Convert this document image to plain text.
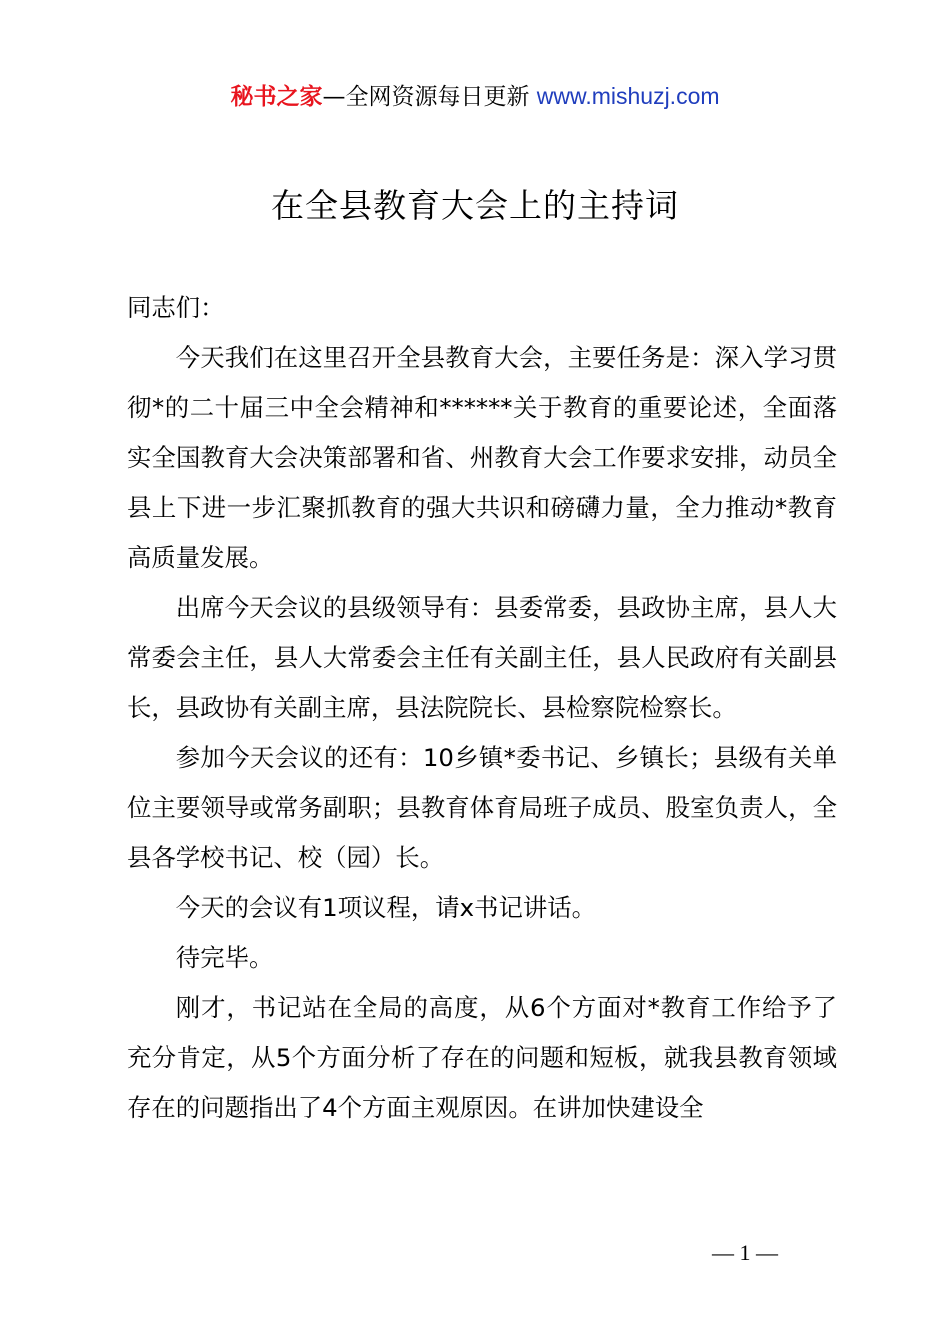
秘书之家—全网资源每日更新 www.mishuzj.com
在全县教育大会上的主持词

同志们：

今天我们在这里召开全县教育大会，主要任务是：深入学习贯彻*的二十届三中全会精神和******关于教育的重要论述，全面落实全国教育大会决策部署和省、州教育大会工作要求安排，动员全县上下进一步汇聚抓教育的强大共识和磅礴力量，全力推动*教育高质量发展。

出席今天会议的县级领导有：县委常委，县政协主席，县人大常委会主任，县人大常委会主任有关副主任，县人民政府有关副县长，县政协有关副主席，县法院院长、县检察院检察长。

参加今天会议的还有：10乡镇*委书记、乡镇长；县级有关单位主要领导或常务副职；县教育体育局班子成员、股室负责人，全县各学校书记、校（园）长。

今天的会议有1项议程，请x书记讲话。

待完毕。

刚才，书记站在全局的高度，从6个方面对*教育工作给予了充分肯定，从5个方面分析了存在的问题和短板，就我县教育领域存在的问题指出了4个方面主观原因。在讲加快建设全

— 1 —
